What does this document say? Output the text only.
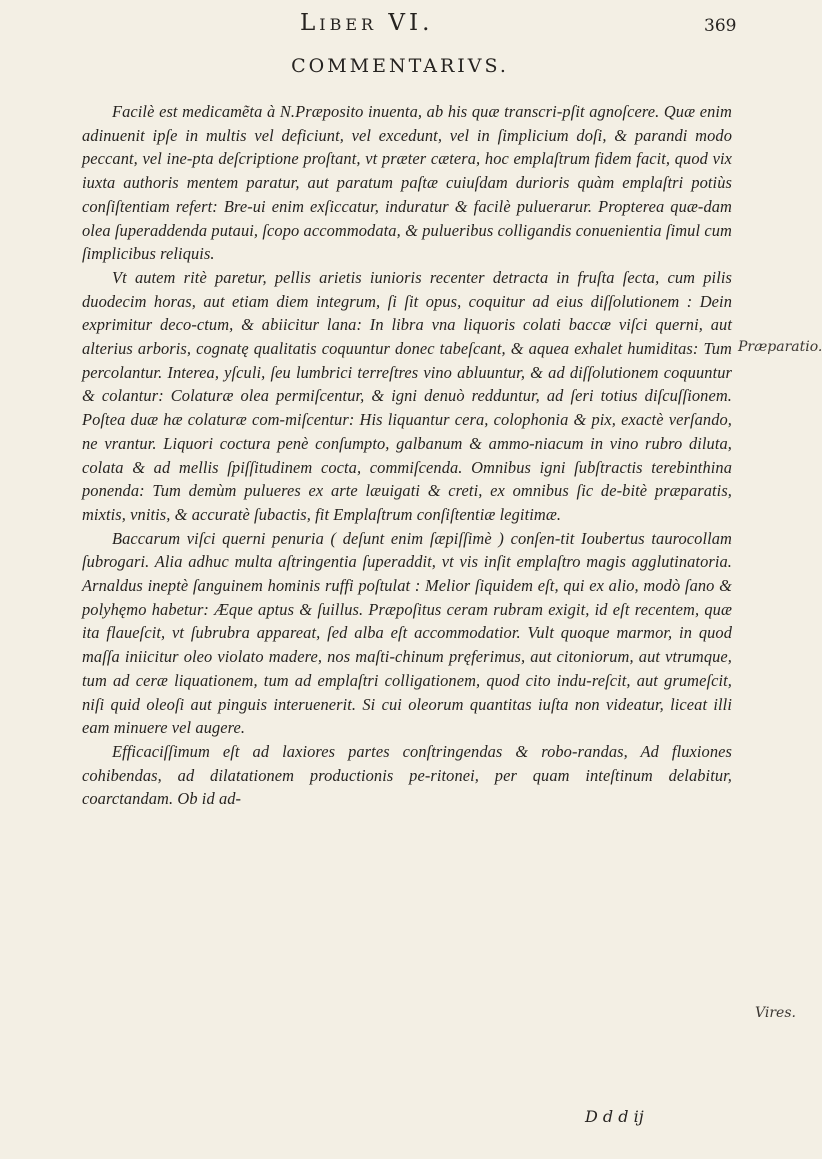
Liber VI.	369
COMMENTARIVS.

Facilè est medicamẽta à N.Præposito inuenta, ab his quæ transcri-pſit agnoſcere. Quæ enim adinuenit ipſe in multis vel deficiunt, vel excedunt, vel in ſimplicium doſi, & parandi modo peccant, vel ine-pta deſcriptione proſtant, vt præter cætera, hoc emplaſtrum fidem facit, quod vix iuxta authoris mentem paratur, aut paratum paſtæ cuiuſdam durioris quàm emplaſtri potiùs conſiſtentiam refert: Bre-ui enim exſiccatur, induratur & facilè puluerarur. Propterea quæ-dam olea ſuperaddenda putaui, ſcopo accommodata, & pulueribus colligandis conuenientia ſimul cum ſimplicibus reliquis.

Vt autem ritè paretur, pellis arietis iunioris recenter detracta in fruſta ſecta, cum pilis duodecim horas, aut etiam diem integrum, ſi ſit opus, coquitur ad eius diſſolutionem : Dein exprimitur deco-ctum, & abiicitur lana: In libra vna liquoris colati baccæ viſci querni, aut alterius arboris, cognatę qualitatis coquuntur donec tabeſcant, & aquea exhalet humiditas: Tum percolantur. Interea, yſculi, ſeu lumbrici terreſtres vino abluuntur, & ad diſſolutionem coquuntur & colantur: Colaturæ olea permiſcentur, & igni denuò redduntur, ad ſeri totius diſcuſſionem. Poſtea duæ hæ colaturæ com-miſcentur: His liquantur cera, colophonia & pix, exactè verſando, ne vrantur. Liquori coctura penè conſumpto, galbanum & ammo-niacum in vino rubro diluta, colata & ad mellis ſpiſſitudinem cocta, commiſcenda. Omnibus igni ſubſtractis terebinthina ponenda: Tum demùm pulueres ex arte læuigati & creti, ex omnibus ſic de-bitè præparatis, mixtis, vnitis, & accuratè ſubactis, fit Emplaſtrum conſiſtentiæ legitimæ.

Baccarum viſci querni penuria ( deſunt enim ſæpiſſimè ) conſen-tit Ioubertus taurocollam ſubrogari. Alia adhuc multa aſtringentia ſuperaddit, vt vis inſit emplaſtro magis agglutinatoria. Arnaldus ineptè ſanguinem hominis ruffi poſtulat : Melior ſiquidem eſt, qui ex alio, modò ſano & polyhęmo habetur: Æque aptus & ſuillus. Præpoſitus ceram rubram exigit, id eſt recentem, quæ ita flaueſcit, vt ſubrubra appareat, ſed alba eſt accommodatior. Vult quoque marmor, in quod maſſa iniicitur oleo violato madere, nos maſti-chinum pręferimus, aut citoniorum, aut vtrumque, tum ad ceræ liquationem, tum ad emplaſtri colligationem, quod cito indu-reſcit, aut grumeſcit, niſi quid oleoſi aut pinguis interuenerit. Si cui oleorum quantitas iuſta non videatur, liceat illi eam minuere vel augere.

Efficaciſſimum eſt ad laxiores partes conſtringendas & robo-randas, Ad fluxiones cohibendas, ad dilatationem productionis pe-ritonei, per quam inteſtinum delabitur, coarctandam. Ob id ad-

Præparatio.
Vires.
D d d ij
